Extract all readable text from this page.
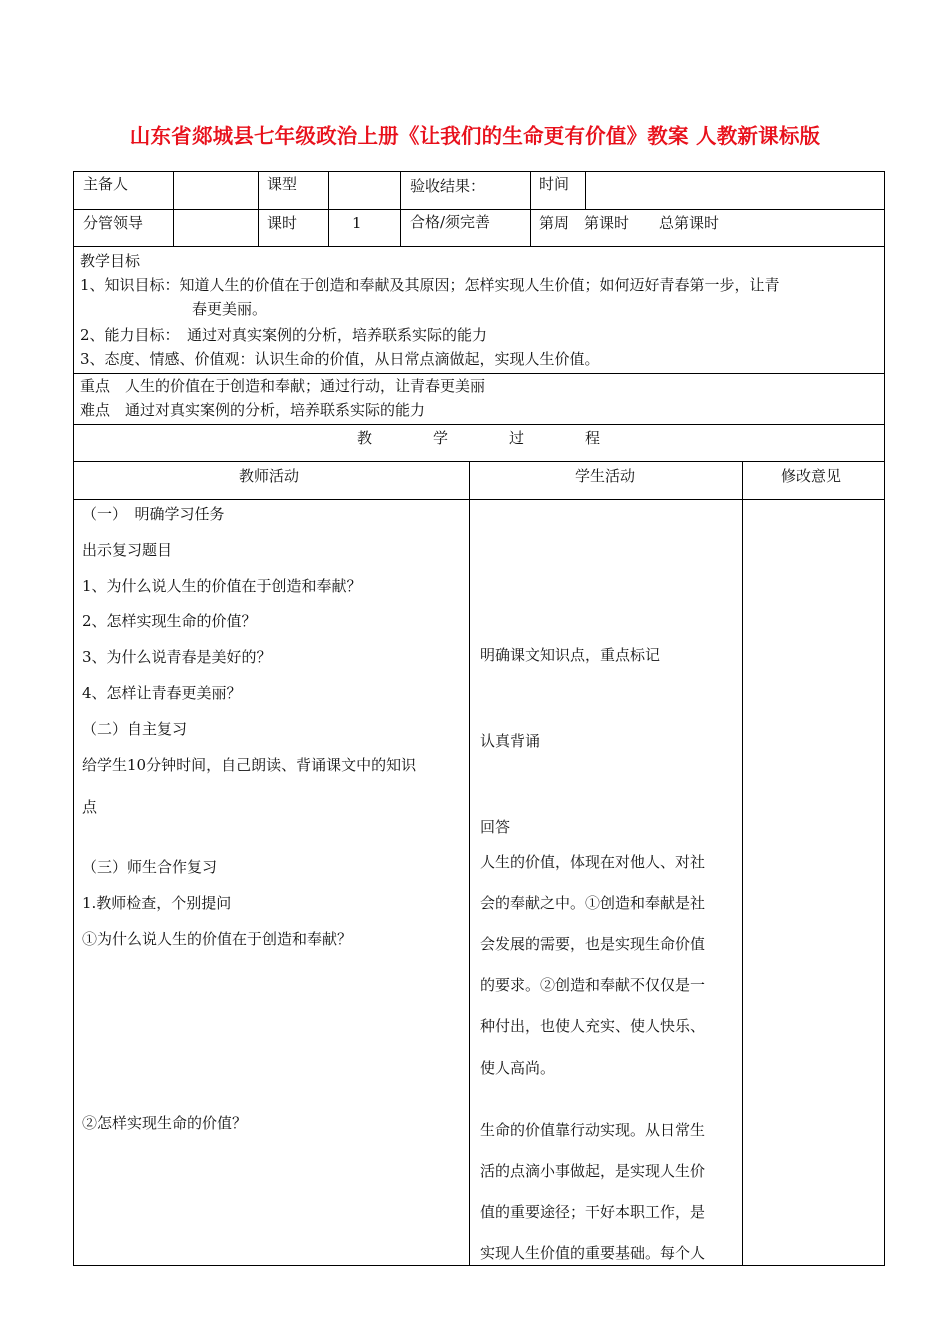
山东省郯城县七年级政治上册《让我们的生命更有价值》教案 人教新课标版
主备人	课型	验收结果：	时间
分管领导	课时	1	合格/须完善	第周　第课时　　总第课时
教学目标
1、知识目标：知道人生的价值在于创造和奉献及其原因；怎样实现人生价值；如何迈好青春第一步，让青
春更美丽。
2、能力目标：　通过对真实案例的分析，培养联系实际的能力
3、态度、情感、价值观：认识生命的价值，从日常点滴做起，实现人生价值。
重点　人生的价值在于创造和奉献；通过行动，让青春更美丽
难点　通过对真实案例的分析，培养联系实际的能力
教	学	过	程
教师活动	学生活动	修改意见
（一）　明确学习任务
出示复习题目
1、为什么说人生的价值在于创造和奉献？
2、怎样实现生命的价值？
3、为什么说青春是美好的？
4、怎样让青春更美丽？
（二）自主复习
给学生10分钟时间，自己朗读、背诵课文中的知识
点
（三）师生合作复习
1.教师检查，个别提问
①为什么说人生的价值在于创造和奉献？
②怎样实现生命的价值？
明确课文知识点，重点标记
认真背诵
回答
人生的价值，体现在对他人、对社
会的奉献之中。①创造和奉献是社
会发展的需要，也是实现生命价值
的要求。②创造和奉献不仅仅是一
种付出，也使人充实、使人快乐、
使人高尚。
生命的价值靠行动实现。从日常生
活的点滴小事做起，是实现人生价
值的重要途径；干好本职工作，是
实现人生价值的重要基础。每个人
